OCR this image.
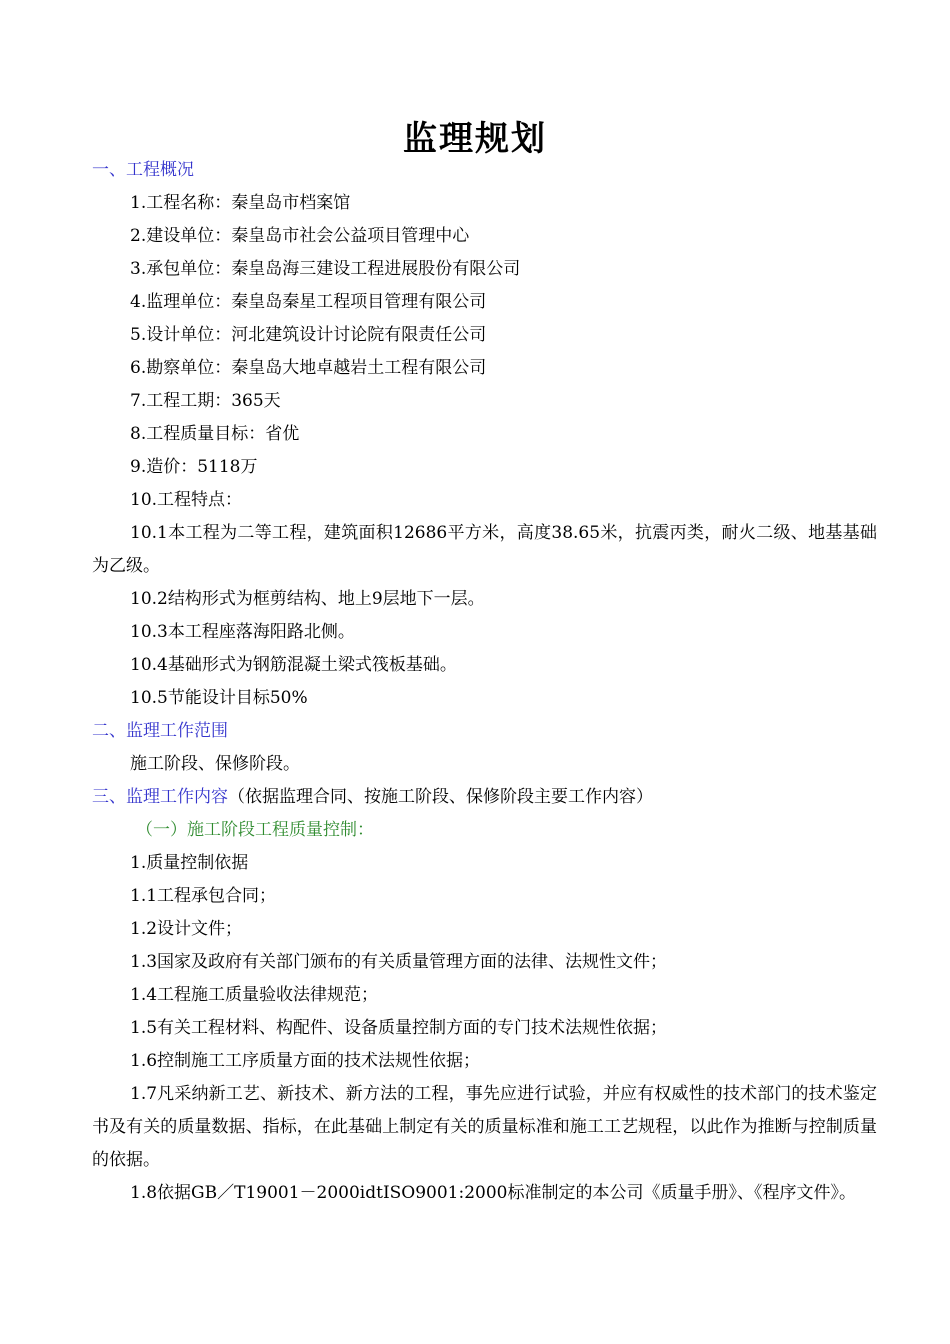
监理规划
一、工程概况
1.工程名称：秦皇岛市档案馆
2.建设单位：秦皇岛市社会公益项目管理中心
3.承包单位：秦皇岛海三建设工程进展股份有限公司
4.监理单位：秦皇岛秦星工程项目管理有限公司
5.设计单位：河北建筑设计讨论院有限责任公司
6.勘察单位：秦皇岛大地卓越岩土工程有限公司
7.工程工期：365天
8.工程质量目标：省优
9.造价：5118万
10.工程特点：
10.1本工程为二等工程，建筑面积12686平方米，高度38.65米，抗震丙类，耐火二级、地基基础为乙级。
10.2结构形式为框剪结构、地上9层地下一层。
10.3本工程座落海阳路北侧。
10.4基础形式为钢筋混凝土梁式筏板基础。
10.5节能设计目标50%
二、监理工作范围
施工阶段、保修阶段。
三、监理工作内容（依据监理合同、按施工阶段、保修阶段主要工作内容）
（一）施工阶段工程质量控制：
1.质量控制依据
1.1工程承包合同；
1.2设计文件；
1.3国家及政府有关部门颁布的有关质量管理方面的法律、法规性文件；
1.4工程施工质量验收法律规范；
1.5有关工程材料、构配件、设备质量控制方面的专门技术法规性依据；
1.6控制施工工序质量方面的技术法规性依据；
1.7凡采纳新工艺、新技术、新方法的工程，事先应进行试验，并应有权威性的技术部门的技术鉴定书及有关的质量数据、指标，在此基础上制定有关的质量标准和施工工艺规程，以此作为推断与控制质量的依据。
1.8依据GB／T19001－2000idtISO9001:2000标准制定的本公司《质量手册》、《程序文件》。
